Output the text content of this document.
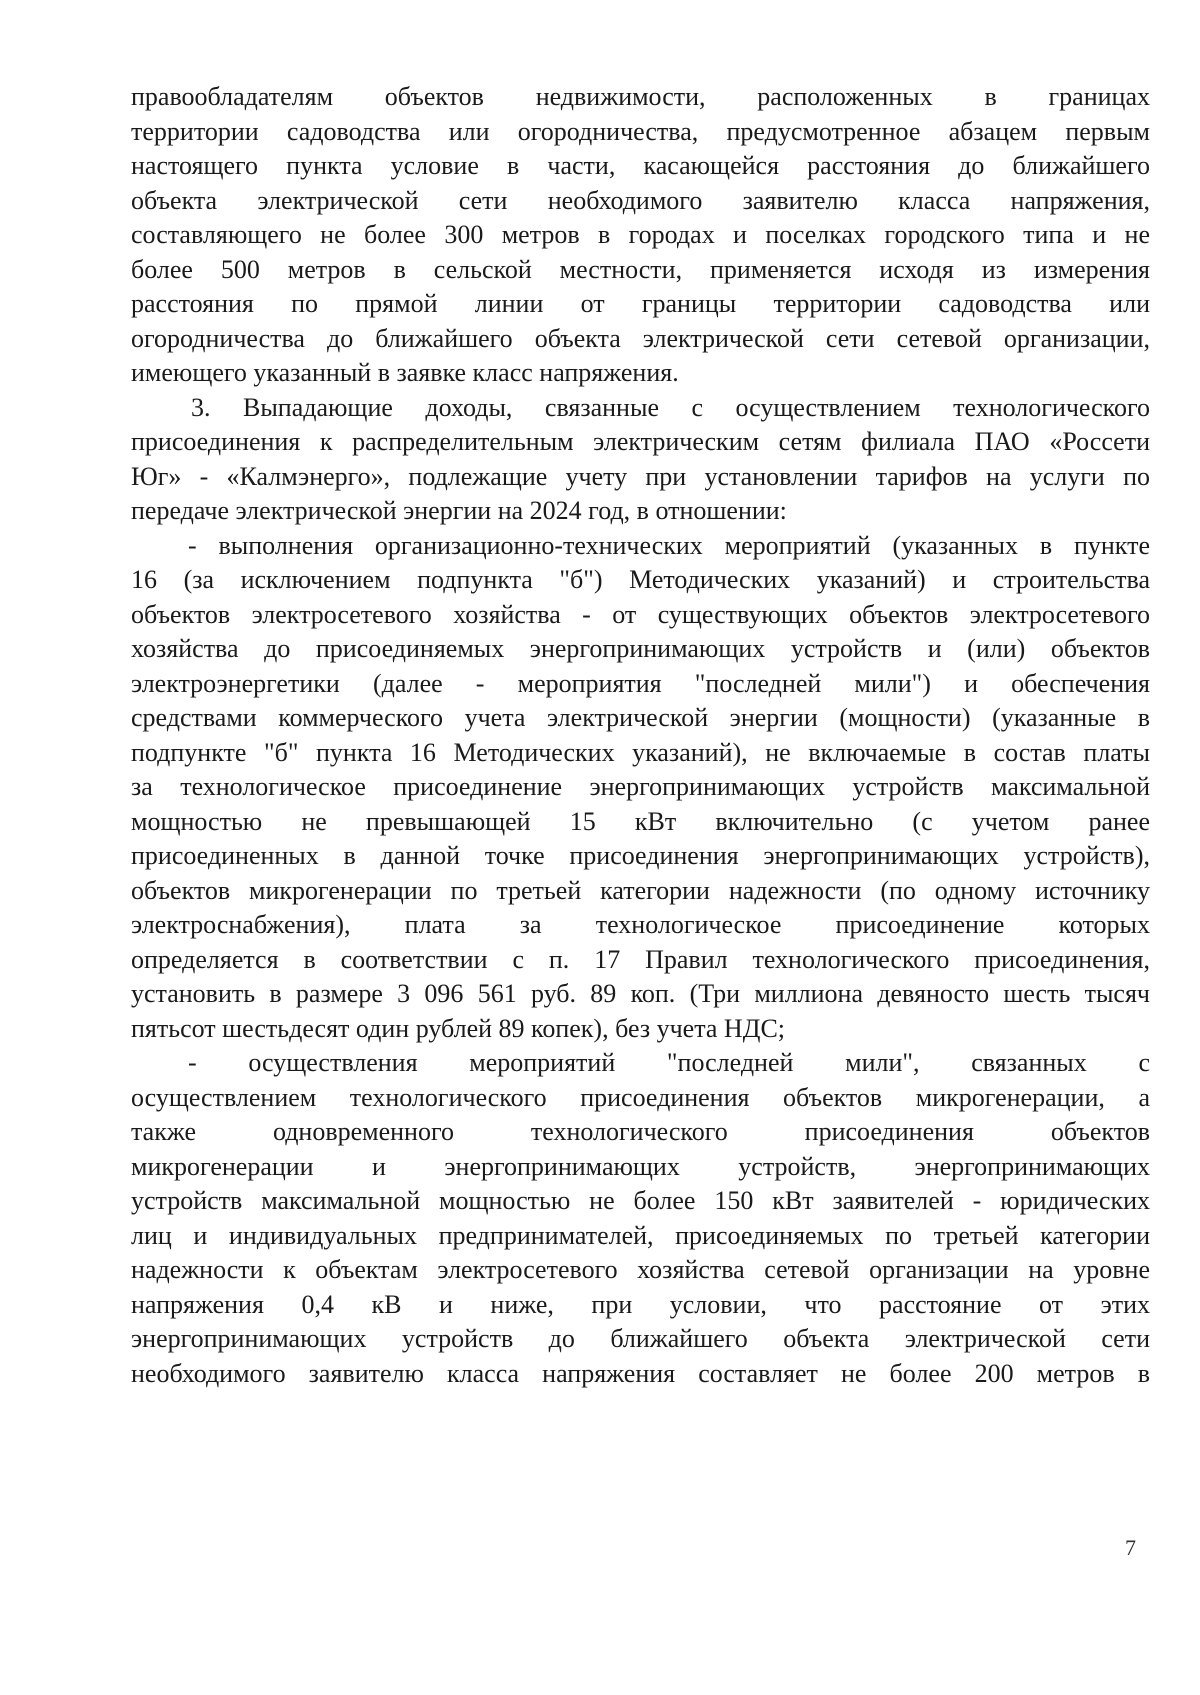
правообладателям объектов недвижимости, расположенных в границах
территории садоводства или огородничества, предусмотренное абзацем первым
настоящего пункта условие в части, касающейся расстояния до ближайшего
объекта электрической сети необходимого заявителю класса напряжения,
составляющего не более 300 метров в городах и поселках городского типа и не
более 500 метров в сельской местности, применяется исходя из измерения
расстояния по прямой линии от границы территории садоводства или
огородничества до ближайшего объекта электрической сети сетевой организации,
имеющего указанный в заявке класс напряжения.
3. Выпадающие доходы, связанные с осуществлением технологического
присоединения к распределительным электрическим сетям филиала ПАО «Россети
Юг» - «Калмэнерго», подлежащие учету при установлении тарифов на услуги по
передаче электрической энергии на 2024 год, в отношении:
- выполнения организационно-технических мероприятий (указанных в пункте
16 (за исключением подпункта "б") Методических указаний) и строительства
объектов электросетевого хозяйства - от существующих объектов электросетевого
хозяйства до присоединяемых энергопринимающих устройств и (или) объектов
электроэнергетики (далее - мероприятия "последней мили") и обеспечения
средствами коммерческого учета электрической энергии (мощности) (указанные в
подпункте "б" пункта 16 Методических указаний), не включаемые в состав платы
за технологическое присоединение энергопринимающих устройств максимальной
мощностью не превышающей 15 кВт включительно (с учетом ранее
присоединенных в данной точке присоединения энергопринимающих устройств),
объектов микрогенерации по третьей категории надежности (по одному источнику
электроснабжения), плата за технологическое присоединение которых
определяется в соответствии с п. 17 Правил технологического присоединения,
установить в размере 3 096 561 руб. 89 коп. (Три миллиона девяносто шесть тысяч
пятьсот шестьдесят один рублей 89 копек), без учета НДС;
- осуществления мероприятий "последней мили", связанных с
осуществлением технологического присоединения объектов микрогенерации, а
также одновременного технологического присоединения объектов
микрогенерации и энергопринимающих устройств, энергопринимающих
устройств максимальной мощностью не более 150 кВт заявителей - юридических
лиц и индивидуальных предпринимателей, присоединяемых по третьей категории
надежности к объектам электросетевого хозяйства сетевой организации на уровне
напряжения 0,4 кВ и ниже, при условии, что расстояние от этих
энергопринимающих устройств до ближайшего объекта электрической сети
необходимого заявителю класса напряжения составляет не более 200 метров в
7
